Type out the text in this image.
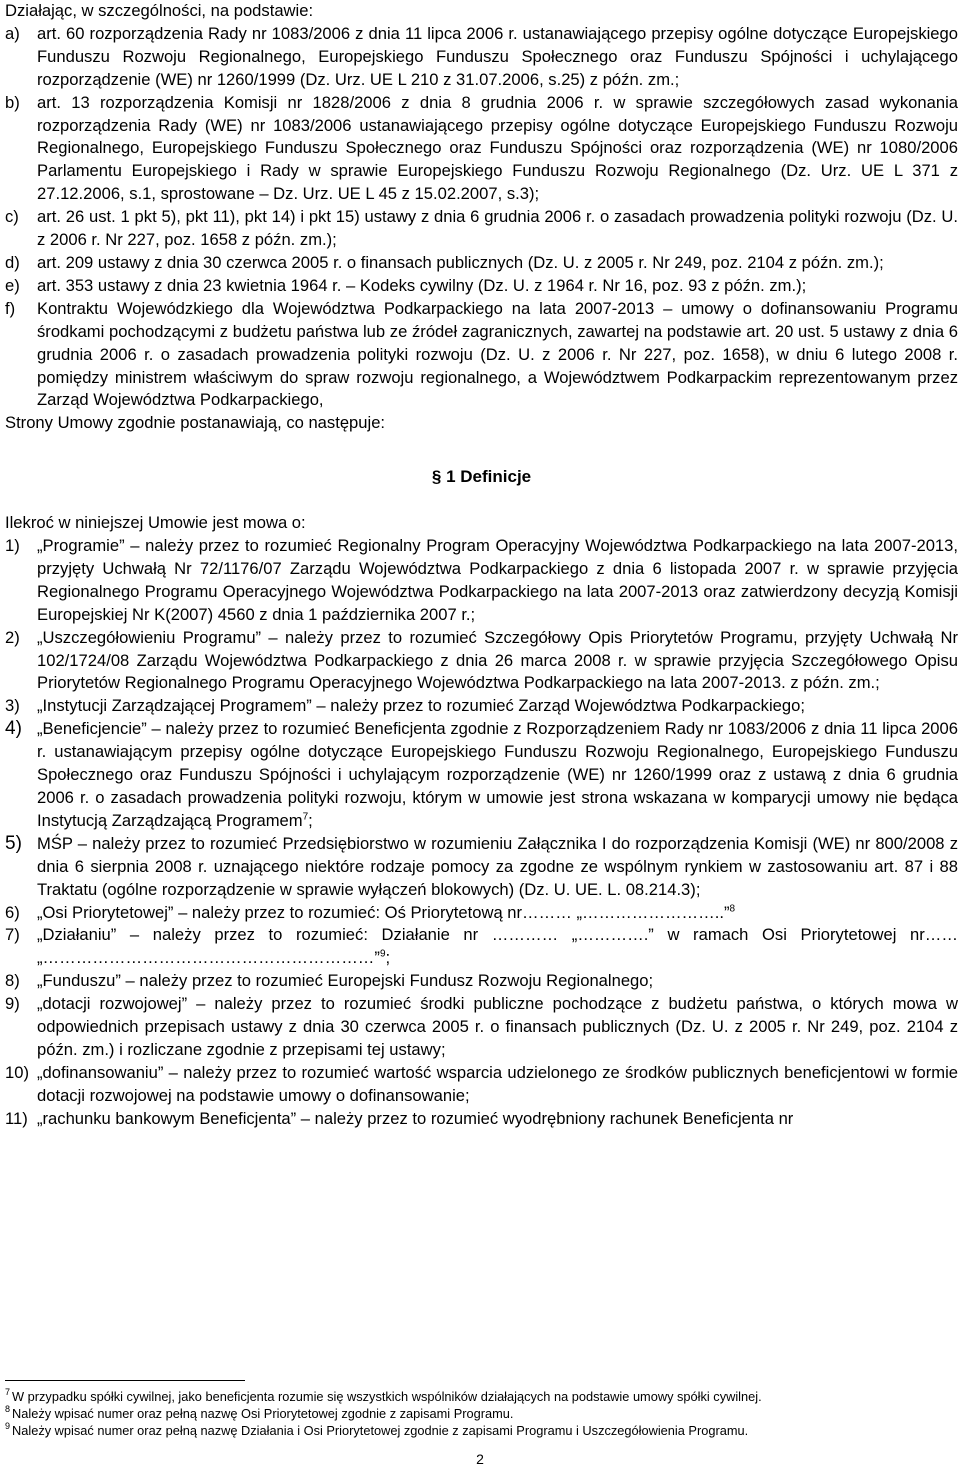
Działając, w szczególności, na podstawie:

a)	art. 60 rozporządzenia Rady nr 1083/2006 z dnia 11 lipca 2006 r. ustanawiającego przepisy ogólne dotyczące Europejskiego Funduszu Rozwoju Regionalnego, Europejskiego Funduszu Społecznego oraz Funduszu Spójności i uchylającego rozporządzenie (WE) nr 1260/1999 (Dz. Urz. UE L 210 z 31.07.2006, s.25) z późn. zm.;
b)	art. 13 rozporządzenia Komisji nr 1828/2006 z dnia 8 grudnia 2006 r. w sprawie szczegółowych zasad wykonania rozporządzenia Rady (WE) nr 1083/2006 ustanawiającego przepisy ogólne dotyczące Europejskiego Funduszu Rozwoju Regionalnego, Europejskiego Funduszu Społecznego oraz Funduszu Spójności oraz rozporządzenia (WE) nr 1080/2006 Parlamentu Europejskiego i Rady w sprawie Europejskiego Funduszu Rozwoju Regionalnego (Dz. Urz. UE L 371 z 27.12.2006, s.1, sprostowane – Dz. Urz. UE L 45 z 15.02.2007, s.3);
c)	art. 26 ust. 1 pkt 5), pkt 11), pkt 14) i pkt 15) ustawy z dnia 6 grudnia 2006 r. o zasadach prowadzenia polityki rozwoju (Dz. U. z 2006 r. Nr 227, poz. 1658 z późn. zm.);
d)	art. 209 ustawy z dnia 30 czerwca 2005 r. o finansach publicznych (Dz. U. z 2005 r. Nr 249, poz. 2104 z późn. zm.);
e)	art. 353 ustawy z dnia 23 kwietnia 1964 r. – Kodeks cywilny (Dz. U. z 1964 r. Nr 16, poz. 93 z późn. zm.);
f)	Kontraktu Wojewódzkiego dla Województwa Podkarpackiego na lata 2007-2013 – umowy o dofinansowaniu Programu środkami pochodzącymi z budżetu państwa lub ze źródeł zagranicznych, zawartej na podstawie art. 20 ust. 5 ustawy z dnia 6 grudnia 2006 r. o zasadach prowadzenia polityki rozwoju (Dz. U. z 2006 r. Nr 227, poz. 1658), w dniu 6 lutego 2008 r. pomiędzy ministrem właściwym do spraw rozwoju regionalnego, a Województwem Podkarpackim reprezentowanym przez Zarząd Województwa Podkarpackiego,

Strony Umowy zgodnie postanawiają, co następuje:

§ 1 Definicje

Ilekroć w niniejszej Umowie jest mowa o:

1)	„Programie” – należy przez to rozumieć Regionalny Program Operacyjny Województwa Podkarpackiego na lata 2007-2013, przyjęty Uchwałą Nr 72/1176/07 Zarządu Województwa Podkarpackiego z dnia 6 listopada 2007 r. w sprawie przyjęcia Regionalnego Programu Operacyjnego Województwa Podkarpackiego na lata 2007-2013 oraz zatwierdzony decyzją Komisji Europejskiej Nr K(2007) 4560 z dnia 1 października 2007 r.;
2)	„Uszczegółowieniu Programu” – należy przez to rozumieć Szczegółowy Opis Priorytetów Programu, przyjęty Uchwałą Nr 102/1724/08 Zarządu Województwa Podkarpackiego z dnia 26 marca 2008 r. w sprawie przyjęcia Szczegółowego Opisu Priorytetów Regionalnego Programu Operacyjnego Województwa Podkarpackiego na lata 2007-2013. z późn. zm.;
3)	„Instytucji Zarządzającej Programem” – należy przez to rozumieć Zarząd Województwa Podkarpackiego;
4) „Beneficjencie” – należy przez to rozumieć Beneficjenta zgodnie z Rozporządzeniem Rady nr 1083/2006 z dnia 11 lipca 2006 r. ustanawiającym przepisy ogólne dotyczące Europejskiego Funduszu Rozwoju Regionalnego, Europejskiego Funduszu Społecznego oraz Funduszu Spójności i uchylającym rozporządzenie (WE) nr 1260/1999 oraz z ustawą z dnia 6 grudnia 2006 r. o zasadach prowadzenia polityki rozwoju, którym w umowie jest strona wskazana w komparycji umowy nie będąca Instytucją Zarządzającą Programem$^7$;
5) MŚP – należy przez to rozumieć Przedsiębiorstwo w rozumieniu Załącznika I do rozporządzenia Komisji (WE) nr 800/2008 z dnia 6 sierpnia 2008 r. uznającego niektóre rodzaje pomocy za zgodne ze wspólnym rynkiem w zastosowaniu art. 87 i 88 Traktatu (ogólne rozporządzenie w sprawie wyłączeń blokowych) (Dz. U. UE. L. 08.214.3);
6)	„Osi Priorytetowej” – należy przez to rozumieć: Oś Priorytetową nr……… „……………………..”$^8$
7)	„Działaniu” – należy przez to rozumieć: Działanie nr ………… „………….” w ramach Osi Priorytetowej nr…… „……………………………………………………”$^9$;
8)	„Funduszu” – należy przez to rozumieć Europejski Fundusz Rozwoju Regionalnego;
9)	„dotacji rozwojowej” – należy przez to rozumieć środki publiczne pochodzące z budżetu państwa, o których mowa w odpowiednich przepisach ustawy z dnia 30 czerwca 2005 r. o finansach publicznych (Dz. U. z 2005 r. Nr 249, poz. 2104 z późn. zm.) i rozliczane zgodnie z przepisami tej ustawy;
10) „dofinansowaniu” – należy przez to rozumieć wartość wsparcia udzielonego ze środków publicznych beneficjentowi w formie dotacji rozwojowej na podstawie umowy o dofinansowanie;
11) „rachunku bankowym Beneficjenta” – należy przez to rozumieć wyodrębniony rachunek Beneficjenta nr
7 W przypadku spółki cywilnej, jako beneficjenta rozumie się wszystkich wspólników działających na podstawie umowy spółki cywilnej.
8 Należy wpisać numer oraz pełną nazwę Osi Priorytetowej zgodnie z zapisami Programu.
9 Należy wpisać numer oraz pełną nazwę Działania i Osi Priorytetowej zgodnie z zapisami Programu i Uszczegółowienia Programu.
2
